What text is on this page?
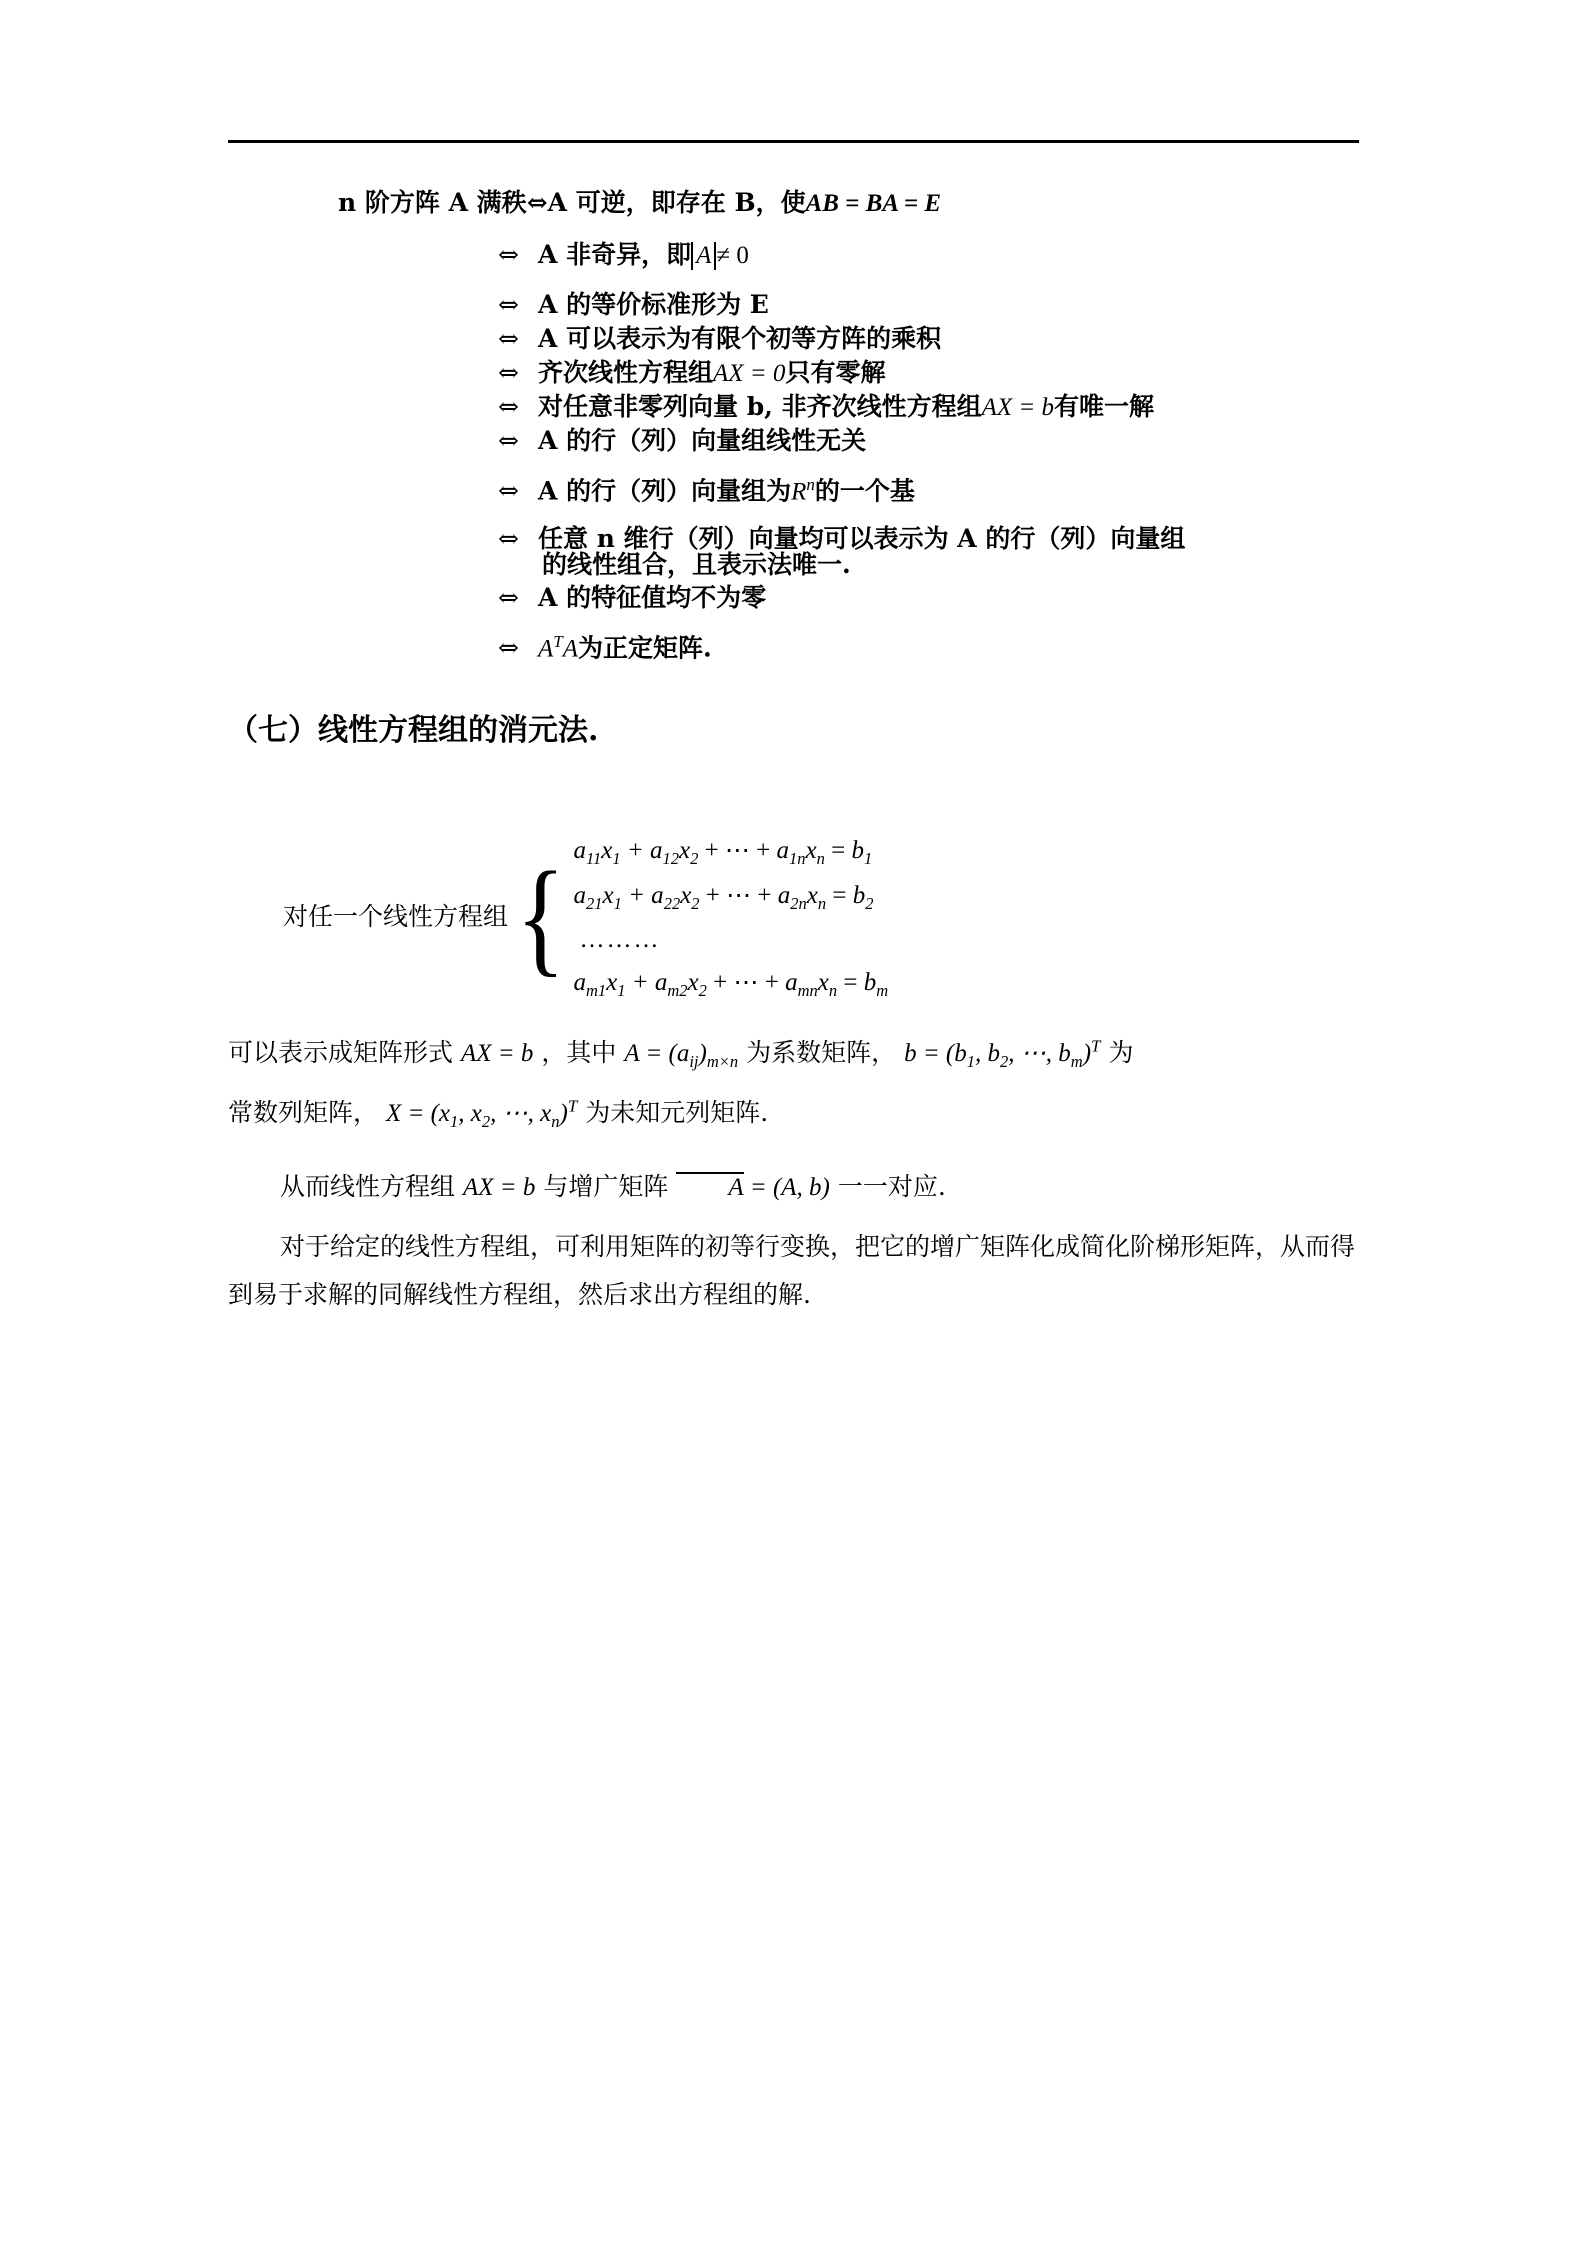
n 阶方阵 A 满秩⇔A 可逆，即存在 B，使AB = BA = E
⇔ A 非奇异，即 A ≠ 0
⇔ A 的等价标准形为 E
⇔ A 可以表示为有限个初等方阵的乘积
⇔ 齐次线性方程组AX = 0只有零解
⇔ 对任意非零列向量 b, 非齐次线性方程组AX = b有唯一解
⇔ A 的行（列）向量组线性无关
⇔ A 的行（列）向量组为$R^n$的一个基
⇔ 任意 n 维行（列）向量均可以表示为 A 的行（列）向量组
的线性组合，且表示法唯一.
⇔ A 的特征值均不为零
⇔ $A^TA$为正定矩阵.
（七）线性方程组的消元法.
对任一个线性方程组 { $a_{11}x_1 + a_{12}x_2$ + ⋯ + $a_{1n}x_n = b_1$
$a_{21}x_1 + a_{22}x_2$ + ⋯ + $a_{2n}x_n = b_2$
………
$a_{m1}x_1 + a_{m2}x_2$ + ⋯ + $a_{mn}x_n = b_m$
可以表示成矩阵形式 AX = b ，其中 $A = (a_{ij})_{m\times n}$ 为系数矩阵， $b = (b_1$, $b_2$, ⋯, $b_m)^T$ 为
常数列矩阵， $X = (x_1$, $x_2$, ⋯, $x_n)^T$ 为未知元列矩阵.
从而线性方程组 AX = b 与增广矩阵 A = (A, b) 一一对应.
对于给定的线性方程组，可利用矩阵的初等行变换，把它的增广矩阵化成简化阶梯形矩阵，从而得到易于求解的同解线性方程组，然后求出方程组的解.
